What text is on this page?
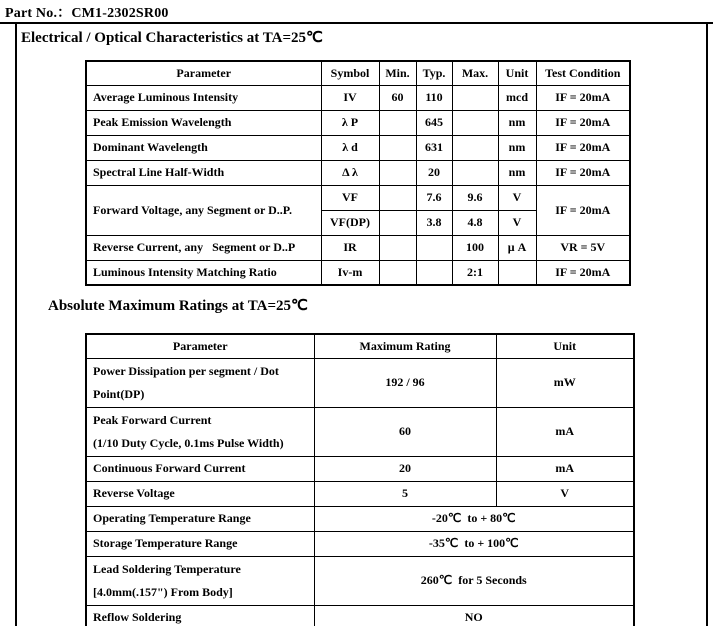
Part No.：CM1-2302SR00
Electrical / Optical Characteristics at TA=25℃
Parameter	Symbol	Min.	Typ.	Max.	Unit	Test Condition
Average Luminous Intensity	IV	60	110		mcd	IF = 20mA
Peak Emission Wavelength	λ P		645		nm	IF = 20mA
Dominant Wavelength	λ d		631		nm	IF = 20mA
Spectral Line Half-Width	Δ λ		20		nm	IF = 20mA
Forward Voltage, any Segment or D..P.	VF		7.6	9.6	V	IF = 20mA
	VF(DP)		3.8	4.8	V	
Reverse Current, any   Segment or D..P	IR			100	μ A	VR = 5V
Luminous Intensity Matching Ratio	Iv-m			2:1		IF = 20mA
Absolute Maximum Ratings at TA=25℃
Parameter	Maximum Rating	Unit

Power Dissipation per segment / Dot
Point(DP)	192 / 96	mW

Peak Forward Current
(1/10 Duty Cycle, 0.1ms Pulse Width)	60	mA

Continuous Forward Current	20	mA

Reverse Voltage	5	V

Operating Temperature Range	-20℃  to + 80℃	

Storage Temperature Range	-35℃  to + 100℃	

Lead Soldering Temperature
[4.0mm(.157") From Body]	260℃  for 5 Seconds	

Reflow Soldering	NO	
